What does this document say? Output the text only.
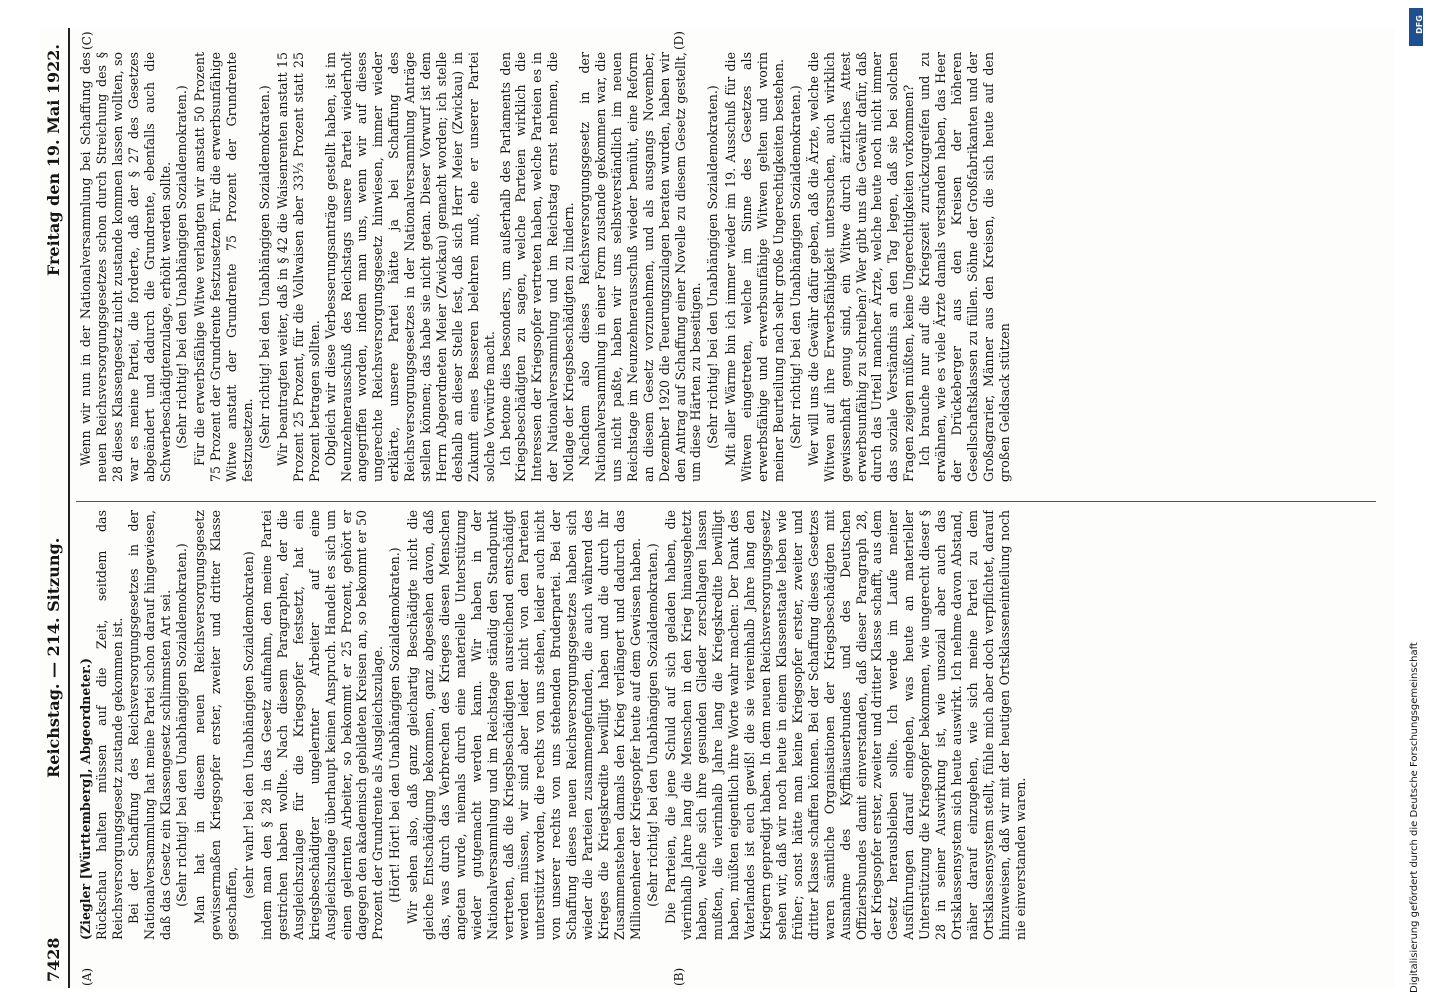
7428
Reichstag. — 214. Sitzung.
Freitag den 19. Mai 1922.
(A)	(B)
(C)	(D)

(Ziegler [Württemberg], Abgeordneter.) Rückschau halten müssen auf die Zeit, seitdem das Reichsversorgungsgesetz zustande gekommen ist. Bei der Schaffung des Reichsversorgungsgesetzes in der Nationalversammlung hat meine Partei schon darauf hingewiesen, daß das Gesetz ein Klassengesetz schlimmsten Art sei. (Sehr richtig! bei den Unabhängigen Sozialdemokraten.) Man hat in diesem neuen Reichsversorgungsgesetz gewissermaßen Kriegsopfer erster, zweiter und dritter Klasse geschaffen,

(sehr wahr! bei den Unabhängigen Sozialdemokraten) indem man den § 28 in das Gesetz aufnahm, den meine Partei gestrichen haben wollte. Nach diesem Paragraphen, der die Ausgleichszulage für die Kriegsopfer festsetzt, hat ein kriegsbeschädigter ungelernter Arbeiter auf eine Ausgleichszulage überhaupt keinen Anspruch. Handelt es sich um einen gelernten Arbeiter, so bekommt er 25 Prozent, gehört er dagegen den akademisch gebildeten Kreisen an, so bekommt er 50 Prozent der Grundrente als Ausgleichszulage. (Hört! Hört! bei den Unabhängigen Sozialdemokraten.) Wir sehen also, daß ganz gleichartig Beschädigte nicht die gleiche Entschädigung bekommen, ganz abgesehen davon, daß das, was durch das Verbrechen des Krieges diesen Menschen angetan wurde, niemals durch eine materielle Unterstützung wieder gutgemacht werden kann. Wir haben in der Nationalversammlung und im Reichstage ständig den Standpunkt vertreten, daß die Kriegsbeschädigten ausreichend entschädigt werden müssen, wir sind aber leider nicht von den Parteien unterstützt worden, die rechts von uns stehen, leider auch nicht von unserer rechts von uns stehenden Bruderpartei. Bei der Schaffung dieses neuen Reichsversorgungsgesetzes haben sich wieder die Parteien zusammengefunden, die auch während des Krieges die Kriegskredite bewilligt haben und die durch ihr Zusammenstehen damals den Krieg verlängert und dadurch das Millionenheer der Kriegsopfer heute auf dem Gewissen haben. (Sehr richtig! bei den Unabhängigen Sozialdemokraten.) Die Parteien, die jene Schuld auf sich geladen haben, die vierinhalb Jahre lang die Menschen in den Krieg hinausgehetzt haben, welche sich ihre gesunden Glieder zerschlagen lassen mußten, die vierinhalb Jahre lang die Kriegskredite bewilligt haben, müßten eigentlich ihre Worte wahr machen: Der Dank des Vaterlandes ist euch gewiß! die sie viereinhalb Jahre lang den Kriegern gepredigt haben. In dem neuen Reichsversorgungsgesetz sehen wir, daß wir noch heute in einem Klassenstaate leben wie früher; sonst hätte man keine Kriegsopfer erster, zweiter und dritter Klasse schaffen können. Bei der Schaffung dieses Gesetzes waren sämtliche Organisationen der Kriegsbeschädigten mit Ausnahme des Kyffhäuserbundes und des Deutschen Offiziersbundes damit einverstanden, daß dieser Paragraph 28, der Kriegsopfer erster, zweiter und dritter Klasse schafft, aus dem Gesetz herausbleiben sollte. Ich werde im Laufe meiner Ausführungen darauf eingehen, was heute an materieller Unterstützung die Kriegsopfer bekommen, wie ungerecht dieser § 28 in seiner Auswirkung ist, wie unsozial aber auch das Ortsklassensystem sich heute auswirkt. Ich nehme davon Abstand, näher darauf einzugehen, wie sich meine Partei zu dem Ortsklassensystem stellt, fühle mich aber doch verpflichtet, darauf hinzuweisen, daß wir mit der heutigen Ortsklasseneinteilung noch nie einverstanden waren.

Wenn wir nun in der Nationalversammlung bei Schaffung des neuen Reichsversorgungsgesetzes schon durch Streichung des § 28 dieses Klassengesetz nicht zustande kommen lassen wollten, so war es meine Partei, die forderte, daß der § 27 des Gesetzes abgeändert und dadurch die Grundrente, ebenfalls auch die Schwerbeschädigtenzulage, erhöht werden sollte. (Sehr richtig! bei den Unabhängigen Sozialdemokraten.) Für die erwerbsfähige Witwe verlangten wir anstatt 50 Prozent 75 Prozent der Grundrente festzusetzen. Für die erwerbsunfähige Witwe anstatt der Grundrente 75 Prozent der Grundrente festzusetzen. (Sehr richtig! bei den Unabhängigen Sozialdemokraten.) Wir beantragten weiter, daß in § 42 die Waisenrenten anstatt 15 Prozent 25 Prozent, für die Vollwaisen aber 33⅓ Prozent statt 25 Prozent betragen sollten. Obgleich wir diese Verbesserungsanträge gestellt haben, ist im Neunzehnerausschuß des Reichstags unsere Partei wiederholt angegriffen worden, indem man uns, wenn wir auf dieses ungerechte Reichsversorgungsgesetz hinwiesen, immer wieder erklärte, unsere Partei hätte ja bei Schaffung des Reichsversorgungsgesetzes in der Nationalversammlung Anträge stellen können; das habe sie nicht getan. Dieser Vorwurf ist dem Herrn Abgeordneten Meier (Zwickau) gemacht worden; ich stelle deshalb an dieser Stelle fest, daß sich Herr Meier (Zwickau) in Zukunft eines Besseren belehren muß, ehe er unserer Partei solche Vorwürfe macht. Ich betone dies besonders, um außerhalb des Parlaments den Kriegsbeschädigten zu sagen, welche Parteien wirklich die Interessen der Kriegsopfer vertreten haben, welche Parteien es in der Nationalversammlung und im Reichstag ernst nehmen, die Notlage der Kriegsbeschädigten zu lindern. Nachdem also dieses Reichsversorgungsgesetz in der Nationalversammlung in einer Form zustande gekommen war, die uns nicht paßte, haben wir uns selbstverständlich im neuen Reichstage im Neunzehnerausschuß wieder bemüht, eine Reform an diesem Gesetz vorzunehmen, und als ausgangs November, Dezember 1920 die Teuerungszulagen beraten wurden, haben wir den Antrag auf Schaffung einer Novelle zu diesem Gesetz gestellt, um diese Härten zu beseitigen. (Sehr richtig! bei den Unabhängigen Sozialdemokraten.) Mit aller Wärme bin ich immer wieder im 19. Ausschuß für die Witwen eingetreten, welche im Sinne des Gesetzes als erwerbsfähige und erwerbsunfähige Witwen gelten und worin meiner Beurteilung nach sehr große Ungerechtigkeiten bestehen. (Sehr richtig! bei den Unabhängigen Sozialdemokraten.) Wer will uns die Gewähr dafür geben, daß die Ärzte, welche die Witwen auf ihre Erwerbsfähigkeit untersuchen, auch wirklich gewissenhaft genug sind, ein Witwe durch ärztliches Attest erwerbsunfähig zu schreiben? Wer gibt uns die Gewähr dafür, daß durch das Urteil mancher Ärzte, welche heute noch nicht immer das soziale Verständnis an den Tag legen, daß sie bei solchen Fragen zeigen müßten, keine Ungerechtigkeiten vorkommen? Ich brauche nur auf die Kriegszeit zurückzugreifen und zu erwähnen, wie es viele Ärzte damals verstanden haben, das Heer der Drückeberger aus den Kreisen der höheren Gesellschaftsklassen zu füllen. Söhne der Großfabrikanten und der Großagrarier, Männer aus den Kreisen, die sich heute auf den großen Geldsack stützen

DFG
Digitalisierung gefördert durch die Deutsche Forschungsgemeinschaft
